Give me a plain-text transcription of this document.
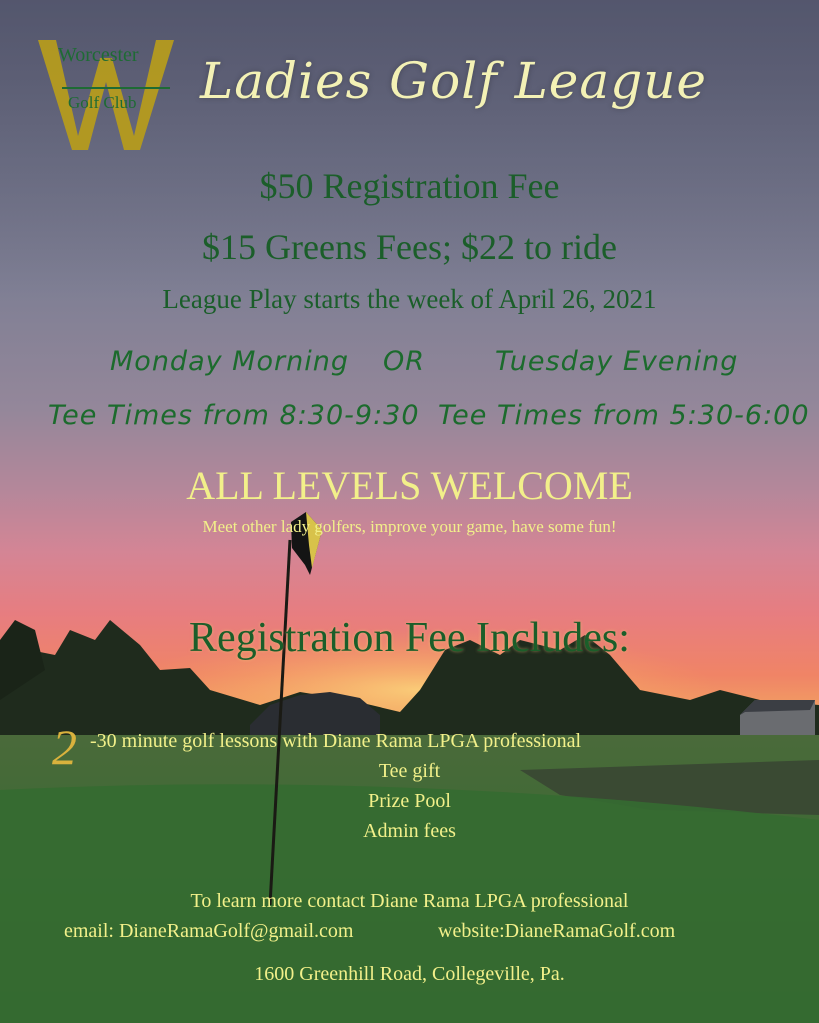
Worcester
Golf Club Ladies Golf League
$50 Registration Fee
$15 Greens Fees; $22 to ride
League Play starts the week of April 26, 2021
Monday Morning OR	Tuesday Evening
Tee Times from 8:30-9:30 Tee Times from 5:30-6:00
ALL LEVELS WELCOME
Meet other lady golfers, improve your game, have some fun!
Registration Fee Includes:
2 -30 minute golf lessons with Diane Rama LPGA professional
Tee gift
Prize Pool
Admin fees
To learn more contact Diane Rama LPGA professional
email: DianeRamaGolf@gmail.com	website:DianeRamaGolf.com
1600 Greenhill Road, Collegeville, Pa.
